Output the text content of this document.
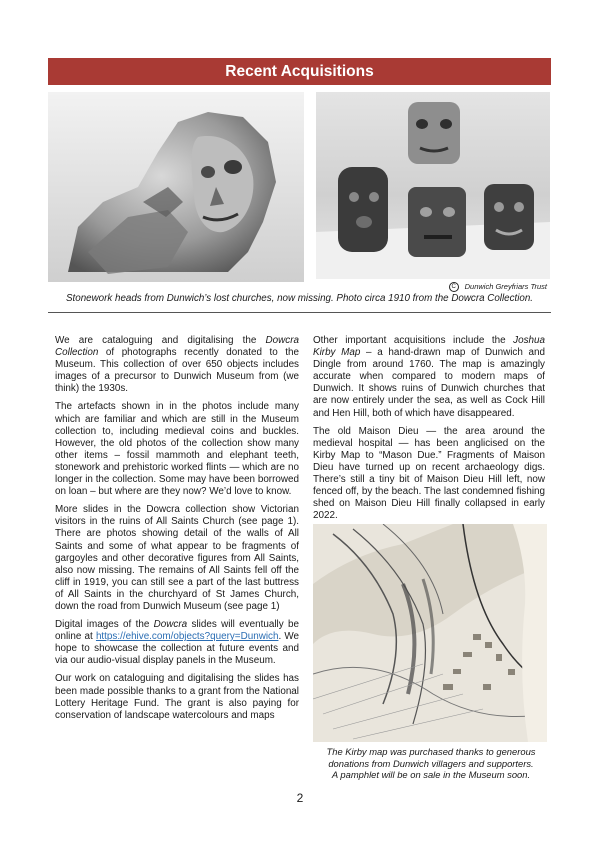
Recent Acquisitions
C Dunwich Greyfriars Trust
Stonework heads from Dunwich’s lost churches, now missing. Photo circa 1910 from the Dowcra Collection.

We are cataloguing and digitalising the Dowcra Collection of photographs recently donated to the Museum. This collection of over 650 objects includes images of a precursor to Dunwich Museum from (we think) the 1930s.

The artefacts shown in in the photos include many which are familiar and which are still in the Museum collection to, including medieval coins and buckles. However, the old photos of the collection show many other items – fossil mammoth and elephant teeth, stonework and prehistoric worked flints — which are no longer in the collection. Some may have been borrowed on loan – but where are they now? We’d love to know.

More slides in the Dowcra collection show Victorian visitors in the ruins of All Saints Church (see page 1). There are photos showing detail of the walls of All Saints and some of what appear to be fragments of gargoyles and other decorative figures from All Saints, also now missing. The remains of All Saints fell off the cliff in 1919, you can still see a part of the last buttress of All Saints in the churchyard of St James Church, down the road from Dunwich Museum (see page 1)

Digital images of the Dowcra slides will eventually be online at https://ehive.com/objects?query=Dunwich. We hope to showcase the collection at future events and via our audio-visual display panels in the Museum.

Our work on cataloguing and digitalising the slides has been made possible thanks to a grant from the National Lottery Heritage Fund. The grant is also paying for conservation of landscape watercolours and maps

Other important acquisitions include the Joshua Kirby Map – a hand-drawn map of Dunwich and Dingle from around 1760. The map is amazingly accurate when compared to modern maps of Dunwich. It shows ruins of Dunwich churches that are now entirely under the sea, as well as Cock Hill and Hen Hill, both of which have disappeared.

The old Maison Dieu — the area around the medieval hospital — has been anglicised on the Kirby Map to “Mason Due.” Fragments of Maison Dieu have turned up on recent archaeology digs. There’s still a tiny bit of Maison Dieu Hill left, now fenced off, by the beach. The last condemned fishing shed on Maison Dieu Hill finally collapsed in early 2022.

The Kirby map was purchased thanks to generous
donations from Dunwich villagers and supporters.
A pamphlet will be on sale in the Museum soon.
2
